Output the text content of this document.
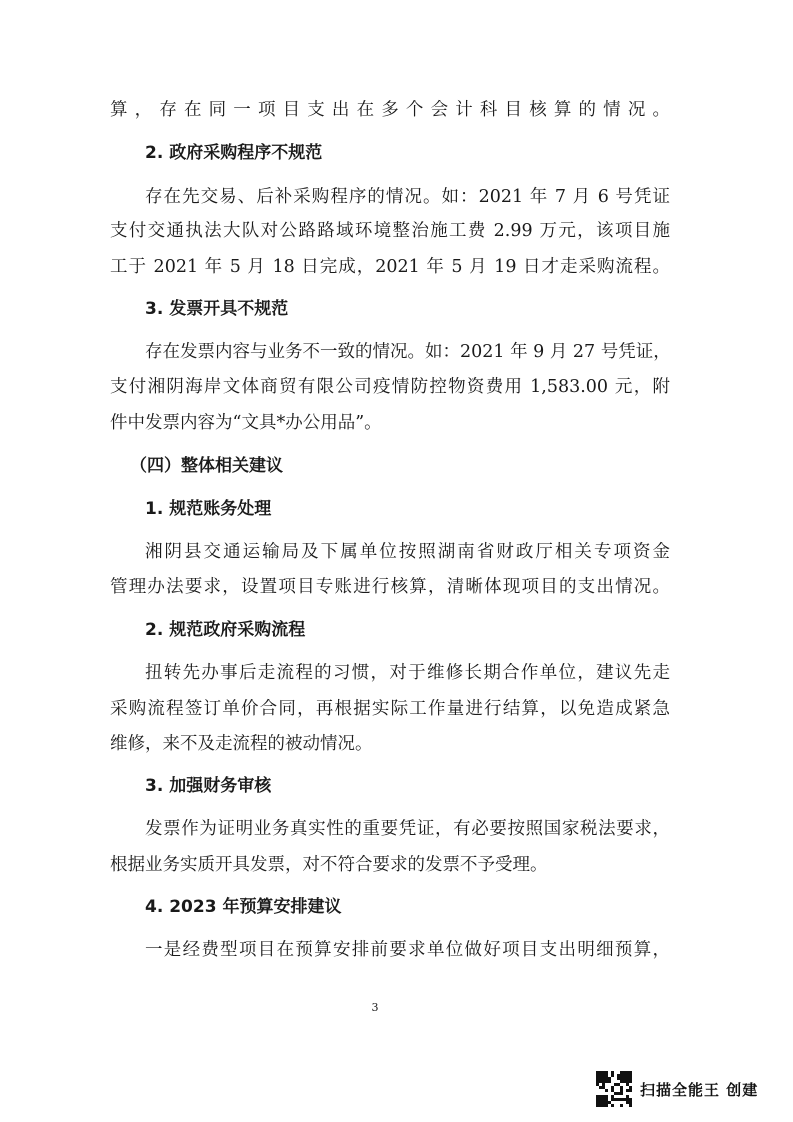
算，存在同一项目支出在多个会计科目核算的情况。
2. 政府采购程序不规范
存在先交易、后补采购程序的情况。如：2021 年 7 月 6 号凭证
支付交通执法大队对公路路域环境整治施工费 2.99 万元，该项目施
工于 2021 年 5 月 18 日完成，2021 年 5 月 19 日才走采购流程。
3. 发票开具不规范
存在发票内容与业务不一致的情况。如：2021 年 9 月 27 号凭证，
支付湘阴海岸文体商贸有限公司疫情防控物资费用 1,583.00 元，附
件中发票内容为“文具*办公用品”。
（四）整体相关建议
1. 规范账务处理
湘阴县交通运输局及下属单位按照湖南省财政厅相关专项资金
管理办法要求，设置项目专账进行核算，清晰体现项目的支出情况。
2. 规范政府采购流程
扭转先办事后走流程的习惯，对于维修长期合作单位，建议先走
采购流程签订单价合同，再根据实际工作量进行结算，以免造成紧急
维修，来不及走流程的被动情况。
3. 加强财务审核
发票作为证明业务真实性的重要凭证，有必要按照国家税法要求，
根据业务实质开具发票，对不符合要求的发票不予受理。
4. 2023 年预算安排建议
一是经费型项目在预算安排前要求单位做好项目支出明细预算，
3
扫描全能王 创建
